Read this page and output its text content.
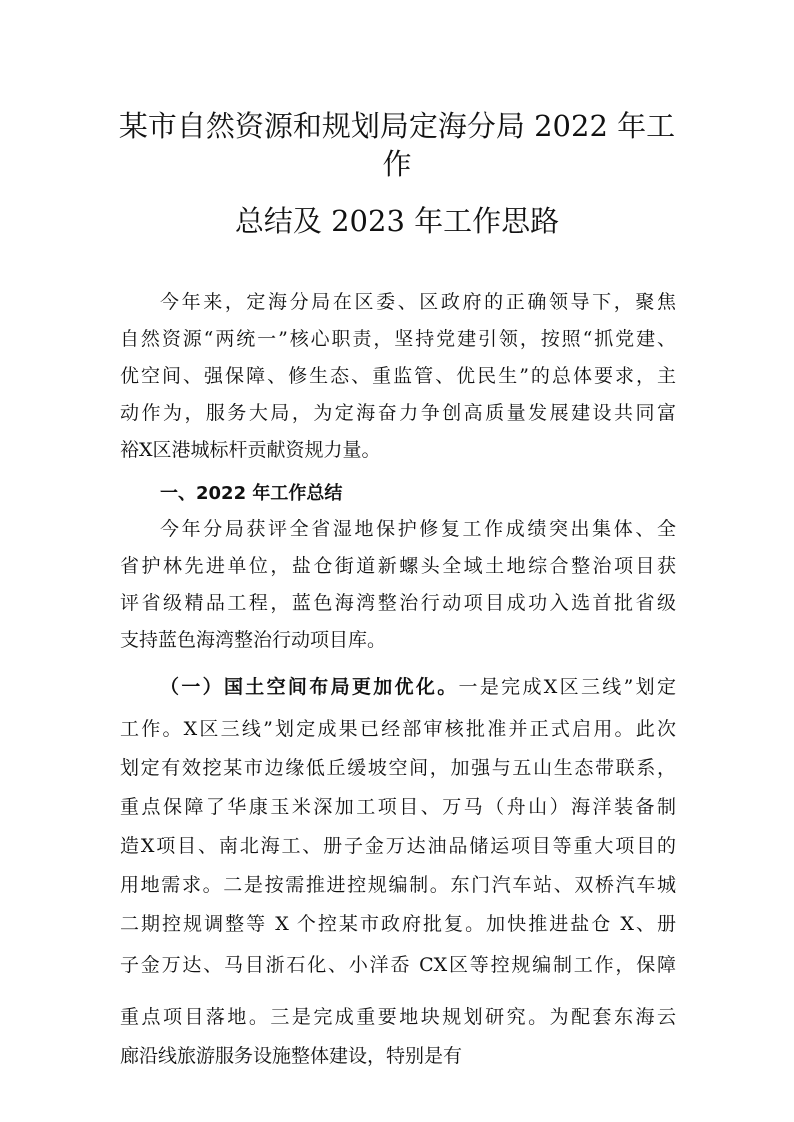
某市自然资源和规划局定海分局 2022 年工
作
总结及 2023 年工作思路
今年来，定海分局在区委、区政府的正确领导下，聚焦
自然资源“两统一”核心职责，坚持党建引领，按照“抓党建、
优空间、强保障、修生态、重监管、优民生”的总体要求，主
动作为，服务大局，为定海奋力争创高质量发展建设共同富
裕X区港城标杆贡献资规力量。
一、2022 年工作总结
今年分局获评全省湿地保护修复工作成绩突出集体、全
省护林先进单位，盐仓街道新螺头全域土地综合整治项目获
评省级精品工程，蓝色海湾整治行动项目成功入选首批省级
支持蓝色海湾整治行动项目库。
（一）国土空间布局更加优化。一是完成X区三线”划定
工作。X区三线”划定成果已经部审核批准并正式启用。此次
划定有效挖某市边缘低丘缓坡空间，加强与五山生态带联系，
重点保障了华康玉米深加工项目、万马（舟山）海洋装备制
造X项目、南北海工、册子金万达油品储运项目等重大项目的
用地需求。二是按需推进控规编制。东门汽车站、双桥汽车城
二期控规调整等 X 个控某市政府批复。加快推进盐仓 X、册
子金万达、马目浙石化、小洋岙 CX区等控规编制工作，保障
重点项目落地。三是完成重要地块规划研究。为配套东海云
廊沿线旅游服务设施整体建设，特别是有
